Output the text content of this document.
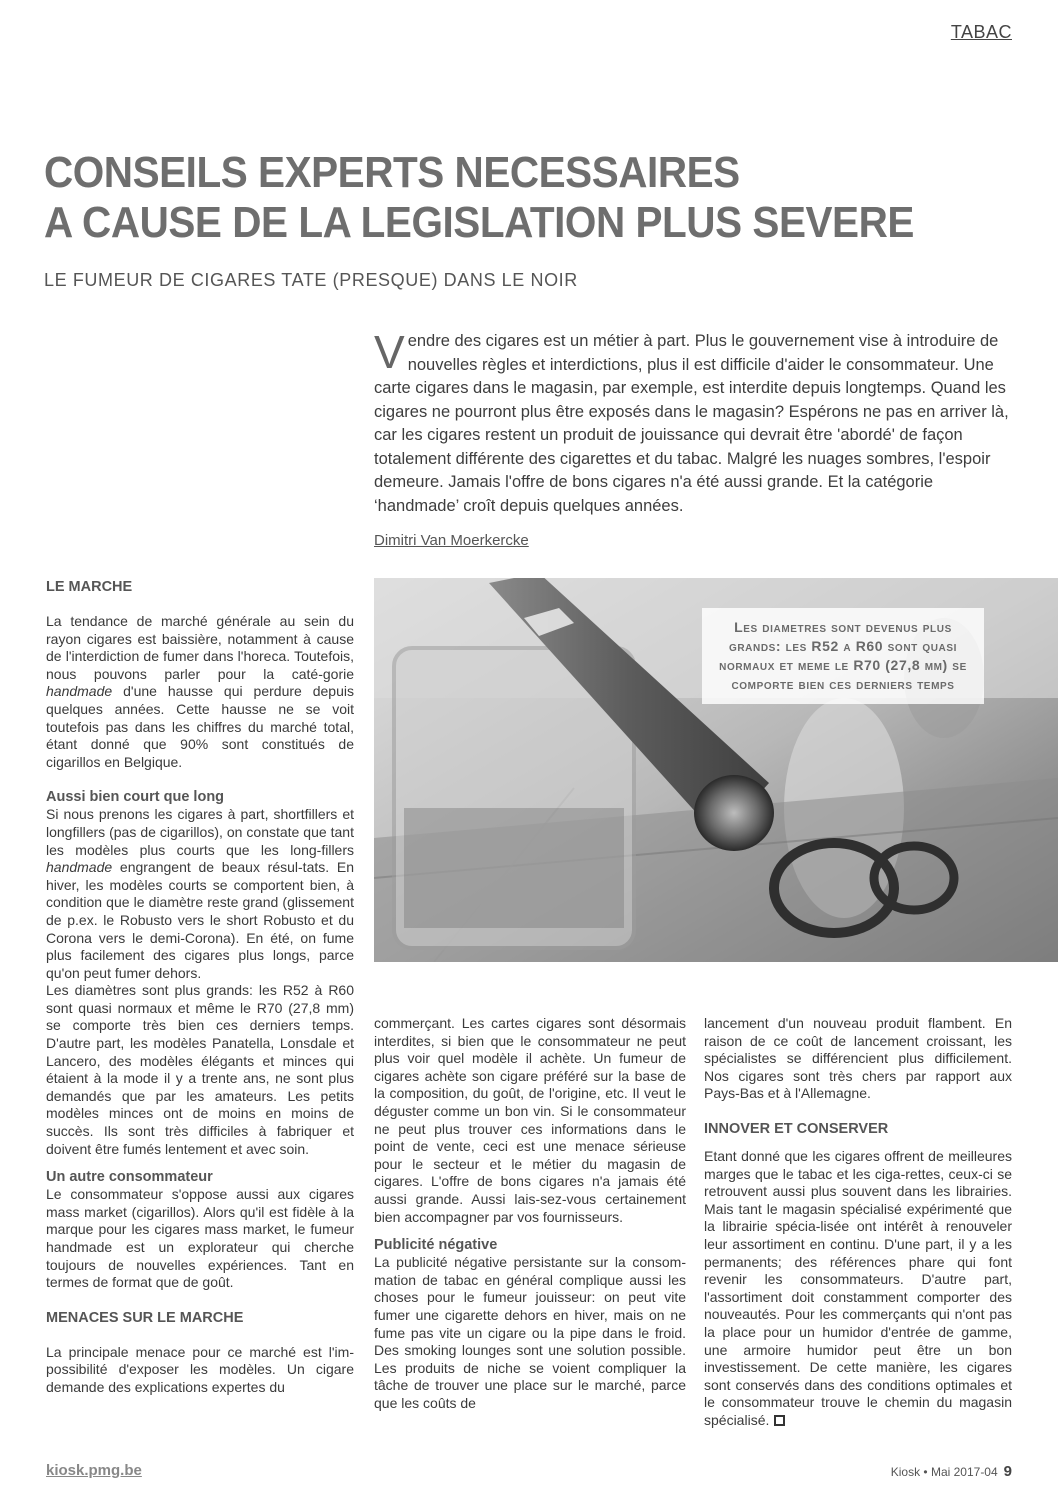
TABAC
CONSEILS EXPERTS NECESSAIRES
A CAUSE DE LA LEGISLATION PLUS SEVERE
LE FUMEUR DE CIGARES TATE (PRESQUE) DANS LE NOIR
Vendre des cigares est un métier à part. Plus le gouvernement vise à introduire de nouvelles règles et interdictions, plus il est difficile d'aider le consommateur. Une carte cigares dans le magasin, par exemple, est interdite depuis longtemps. Quand les cigares ne pourront plus être exposés dans le magasin? Espérons ne pas en arriver là, car les cigares restent un produit de jouissance qui devrait être 'abordé' de façon totalement différente des cigarettes et du tabac. Malgré les nuages sombres, l'espoir demeure. Jamais l'offre de bons cigares n'a été aussi grande. Et la catégorie ‘handmade’ croît depuis quelques années.
Dimitri Van Moerkercke
Les diametres sont devenus plus grands: les R52 a R60 sont quasi normaux et meme le R70 (27,8 mm) se comporte bien ces derniers temps
LE MARCHE

La tendance de marché générale au sein du rayon cigares est baissière, notamment à cause de l'interdiction de fumer dans l'horeca. Toutefois, nous pouvons parler pour la caté-gorie handmade d'une hausse qui perdure depuis quelques années. Cette hausse ne se voit toutefois pas dans les chiffres du marché total, étant donné que 90% sont constitués de cigarillos en Belgique.

Aussi bien court que long

Si nous prenons les cigares à part, shortfillers et longfillers (pas de cigarillos), on constate que tant les modèles plus courts que les long-fillers handmade engrangent de beaux résul-tats. En hiver, les modèles courts se comportent bien, à condition que le diamètre reste grand (glissement de p.ex. le Robusto vers le short Robusto et du Corona vers le demi-Corona). En été, on fume plus facilement des cigares plus longs, parce qu'on peut fumer dehors.

Les diamètres sont plus grands: les R52 à R60 sont quasi normaux et même le R70 (27,8 mm) se comporte très bien ces derniers temps. D'autre part, les modèles Panatella, Lonsdale et Lancero, des modèles élégants et minces qui étaient à la mode il y a trente ans, ne sont plus demandés que par les amateurs. Les petits modèles minces ont de moins en moins de succès. Ils sont très difficiles à fabriquer et doivent être fumés lentement et avec soin.

Un autre consommateur

Le consommateur s'oppose aussi aux cigares mass market (cigarillos). Alors qu'il est fidèle à la marque pour les cigares mass market, le fumeur handmade est un explorateur qui cherche toujours de nouvelles expériences. Tant en termes de format que de goût.

MENACES SUR LE MARCHE

La principale menace pour ce marché est l'im-possibilité d'exposer les modèles. Un cigare demande des explications expertes du

commerçant. Les cartes cigares sont désormais interdites, si bien que le consommateur ne peut plus voir quel modèle il achète. Un fumeur de cigares achète son cigare préféré sur la base de la composition, du goût, de l'origine, etc. Il veut le déguster comme un bon vin. Si le consommateur ne peut plus trouver ces informations dans le point de vente, ceci est une menace sérieuse pour le secteur et le métier du magasin de cigares. L'offre de bons cigares n'a jamais été aussi grande. Aussi lais-sez-vous certainement bien accompagner par vos fournisseurs.

Publicité négative

La publicité négative persistante sur la consom-mation de tabac en général complique aussi les choses pour le fumeur jouisseur: on peut vite fumer une cigarette dehors en hiver, mais on ne fume pas vite un cigare ou la pipe dans le froid. Des smoking lounges sont une solution possible. Les produits de niche se voient compliquer la tâche de trouver une place sur le marché, parce que les coûts de

lancement d'un nouveau produit flambent. En raison de ce coût de lancement croissant, les spécialistes se différencient plus difficilement. Nos cigares sont très chers par rapport aux Pays-Bas et à l'Allemagne.

INNOVER ET CONSERVER

Etant donné que les cigares offrent de meilleures marges que le tabac et les ciga-rettes, ceux-ci se retrouvent aussi plus souvent dans les librairies. Mais tant le magasin spécialisé expérimenté que la librairie spécia-lisée ont intérêt à renouveler leur assortiment en continu. D'une part, il y a les permanents; des références phare qui font revenir les consommateurs. D'autre part, l'assortiment doit constamment comporter des nouveautés. Pour les commerçants qui n'ont pas la place pour un humidor d'entrée de gamme, une armoire humidor peut être un bon investissement. De cette manière, les cigares sont conservés dans des conditions optimales et le consommateur trouve le chemin du magasin spécialisé.

kiosk.pmg.be	Kiosk • Mai 2017-04 9
